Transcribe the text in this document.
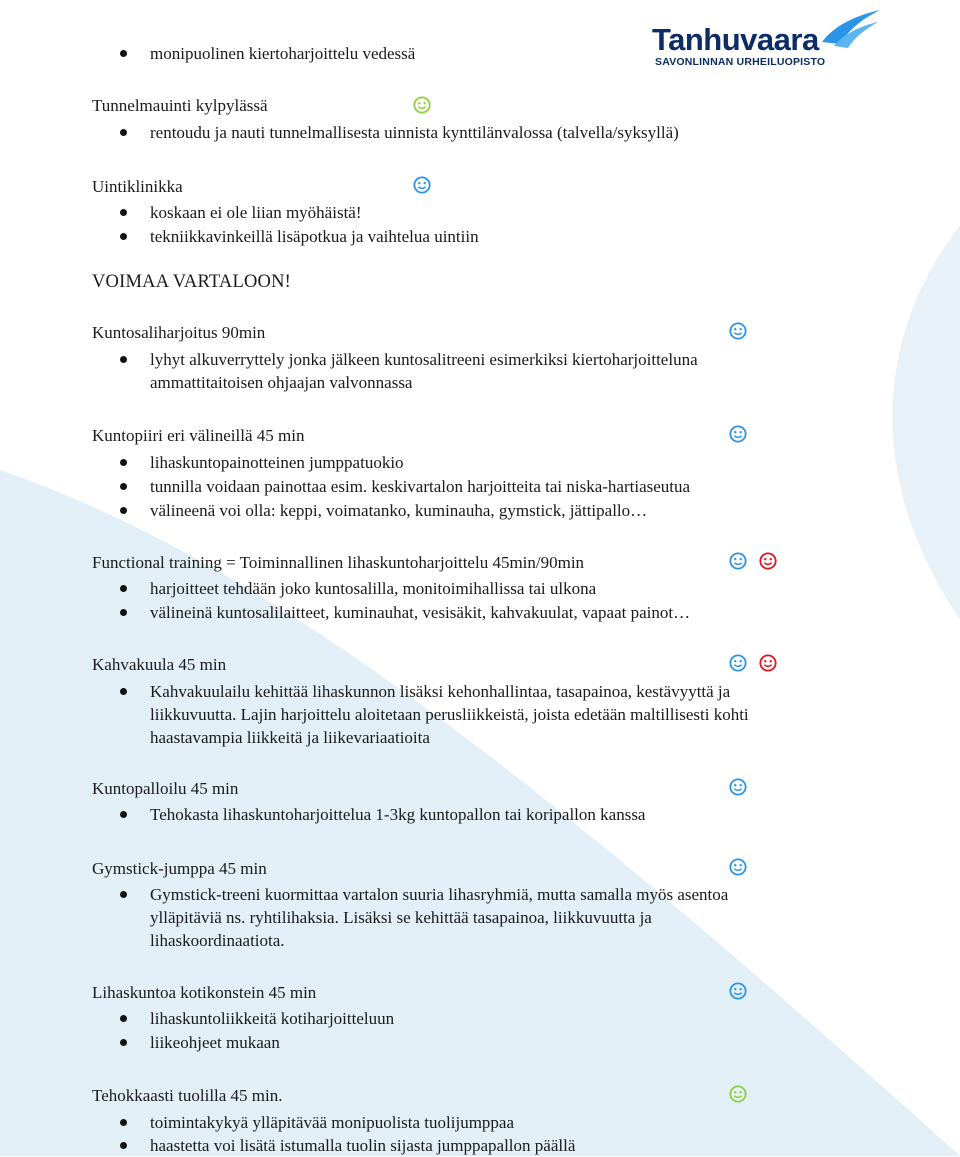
Tanhuvaara
SAVONLINNAN URHEILUOPISTO
monipuolinen kiertoharjoittelu vedessä
Tunnelmauinti kylpylässä
rentoudu ja nauti tunnelmallisesta uinnista kynttilänvalossa (talvella/syksyllä)
Uintiklinikka
koskaan ei ole liian myöhäistä!
tekniikkavinkeillä lisäpotkua ja vaihtelua uintiin
VOIMAA VARTALOON!
Kuntosaliharjoitus 90min
lyhyt alkuverryttely jonka jälkeen kuntosalitreeni esimerkiksi kiertoharjoitteluna
ammattitaitoisen ohjaajan valvonnassa
Kuntopiiri eri välineillä 45 min
lihaskuntopainotteinen jumppatuokio
tunnilla voidaan painottaa esim. keskivartalon harjoitteita tai niska-hartiaseutua
välineenä voi olla: keppi, voimatanko, kuminauha, gymstick, jättipallo…
Functional training = Toiminnallinen lihaskuntoharjoittelu 45min/90min
harjoitteet tehdään joko kuntosalilla, monitoimihallissa tai ulkona
välineinä kuntosalilaitteet, kuminauhat, vesisäkit, kahvakuulat, vapaat painot…
Kahvakuula 45 min
Kahvakuulailu kehittää lihaskunnon lisäksi kehonhallintaa, tasapainoa, kestävyyttä ja
liikkuvuutta. Lajin harjoittelu aloitetaan perusliikkeistä, joista edetään maltillisesti kohti
haastavampia liikkeitä ja liikevariaatioita
Kuntopalloilu 45 min
Tehokasta lihaskuntoharjoittelua 1-3kg kuntopallon tai koripallon kanssa
Gymstick-jumppa 45 min
Gymstick-treeni kuormittaa vartalon suuria lihasryhmiä, mutta samalla myös asentoa
ylläpitäviä ns. ryhtilihaksia. Lisäksi se kehittää tasapainoa, liikkuvuutta ja
lihaskoordinaatiota.
Lihaskuntoa kotikonstein 45 min
lihaskuntoliikkeitä kotiharjoitteluun
liikeohjeet mukaan
Tehokkaasti tuolilla 45 min.
toimintakykyä ylläpitävää monipuolista tuolijumppaa
haastetta voi lisätä istumalla tuolin sijasta jumppapallon päällä
